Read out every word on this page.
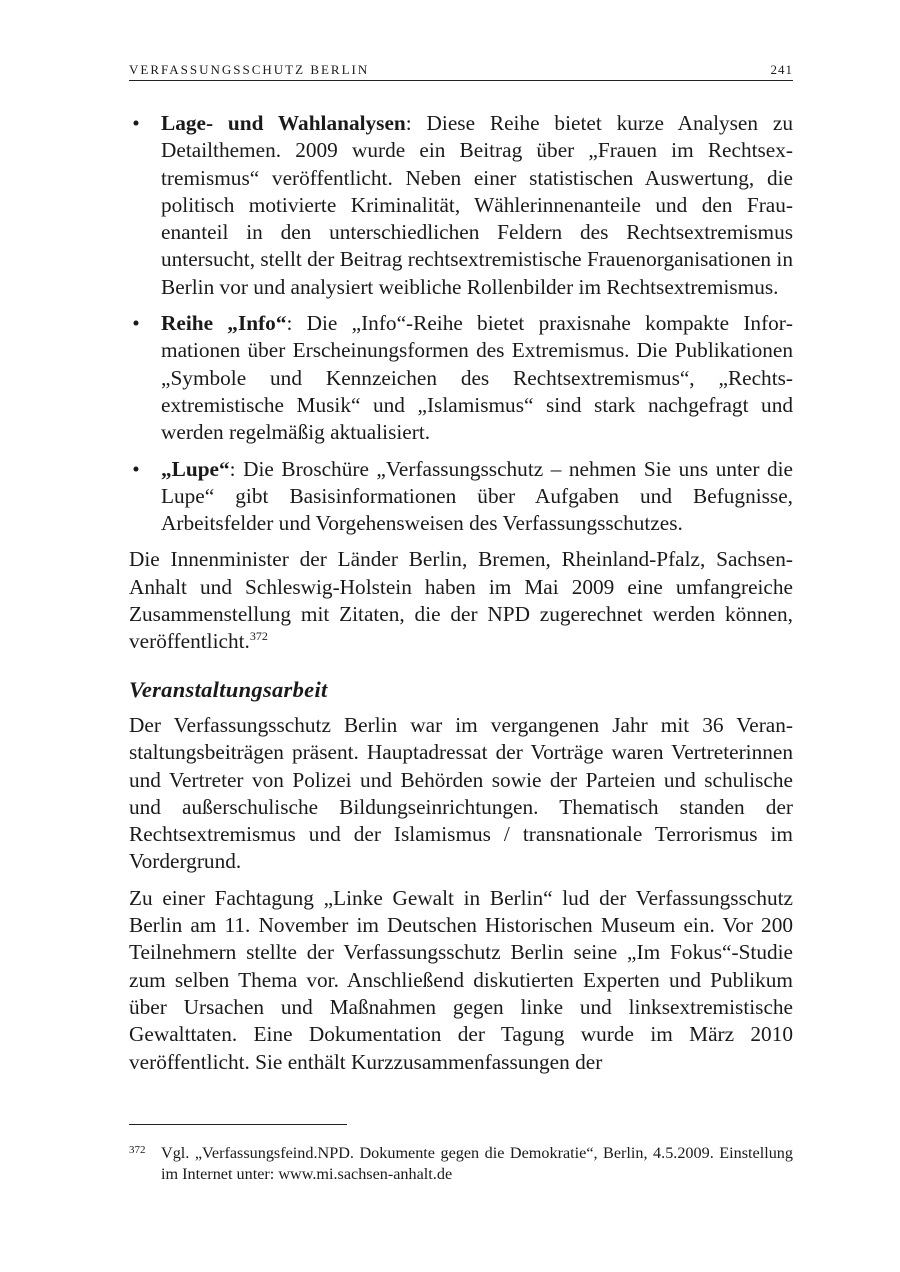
VERFASSUNGSSCHUTZ BERLIN	241
• Lage- und Wahlanalysen: Diese Reihe bietet kurze Analysen zu Detailthemen. 2009 wurde ein Beitrag über „Frauen im Rechtsextremismus“ veröffentlicht. Neben einer statistischen Auswertung, die politisch motivierte Kriminalität, Wählerinnenanteile und den Frauenanteil in den unterschiedlichen Feldern des Rechtsextremismus untersucht, stellt der Beitrag rechtsextremistische Frauenorganisationen in Berlin vor und analysiert weibliche Rollenbilder im Rechtsextremismus.
• Reihe „Info“: Die „Info“-Reihe bietet praxisnahe kompakte Informationen über Erscheinungsformen des Extremismus. Die Publikationen „Symbole und Kennzeichen des Rechtsextremismus“, „Rechtsextremistische Musik“ und „Islamismus“ sind stark nachgefragt und werden regelmäßig aktualisiert.
• „Lupe“: Die Broschüre „Verfassungsschutz – nehmen Sie uns unter die Lupe“ gibt Basisinformationen über Aufgaben und Befugnisse, Arbeitsfelder und Vorgehensweisen des Verfassungsschutzes.

Die Innenminister der Länder Berlin, Bremen, Rheinland-Pfalz, Sachsen-Anhalt und Schleswig-Holstein haben im Mai 2009 eine umfangreiche Zusammenstellung mit Zitaten, die der NPD zugerechnet werden können, veröffentlicht.$^{372}$

Veranstaltungsarbeit

Der Verfassungsschutz Berlin war im vergangenen Jahr mit 36 Veranstaltungsbeiträgen präsent. Hauptadressat der Vorträge waren Vertreterinnen und Vertreter von Polizei und Behörden sowie der Parteien und schulische und außerschulische Bildungseinrichtungen. Thematisch standen der Rechtsextremismus und der Islamismus / transnationale Terrorismus im Vordergrund.

Zu einer Fachtagung „Linke Gewalt in Berlin“ lud der Verfassungsschutz Berlin am 11. November im Deutschen Historischen Museum ein. Vor 200 Teilnehmern stellte der Verfassungsschutz Berlin seine „Im Fokus“-Studie zum selben Thema vor. Anschließend diskutierten Experten und Publikum über Ursachen und Maßnahmen gegen linke und linksextremistische Gewalttaten. Eine Dokumentation der Tagung wurde im März 2010 veröffentlicht. Sie enthält Kurzzusammenfassungen der

372 Vgl. „Verfassungsfeind.NPD. Dokumente gegen die Demokratie“, Berlin, 4.5.2009. Einstellung im Internet unter: www.mi.sachsen-anhalt.de
